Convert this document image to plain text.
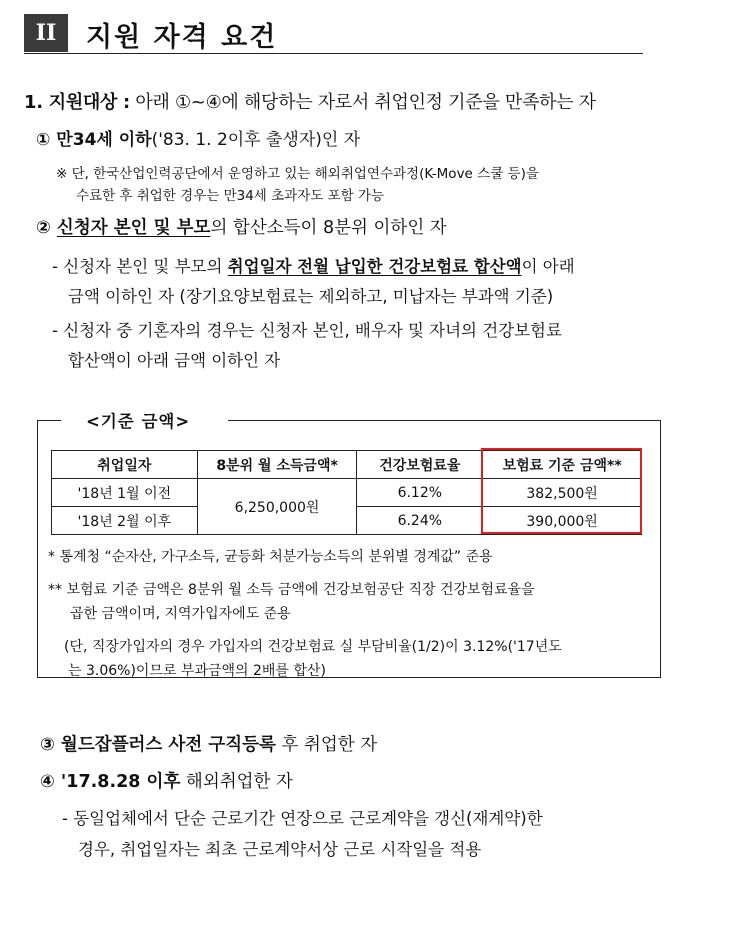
II 지원 자격 요건
1. 지원대상 : 아래 ①~④에 해당하는 자로서 취업인정 기준을 만족하는 자
① 만34세 이하('83. 1. 2이후 출생자)인 자
※ 단, 한국산업인력공단에서 운영하고 있는 해외취업연수과정(K-Move 스쿨 등)을
수료한 후 취업한 경우는 만34세 초과자도 포함 가능
② 신청자 본인 및 부모의 합산소득이 8분위 이하인 자
- 신청자 본인 및 부모의 취업일자 전월 납입한 건강보험료 합산액이 아래
금액 이하인 자 (장기요양보험료는 제외하고, 미납자는 부과액 기준)
- 신청자 중 기혼자의 경우는 신청자 본인, 배우자 및 자녀의 건강보험료
합산액이 아래 금액 이하인 자
<기준 금액>
취업일자	8분위 월 소득금액*	건강보험료율	보험료 기준 금액**
'18년 1월 이전	6,250,000원	6.12%	382,500원
'18년 2월 이후		6.24%	390,000원
* 통계청 “순자산, 가구소득, 균등화 처분가능소득의 분위별 경계값” 준용
** 보험료 기준 금액은 8분위 월 소득 금액에 건강보험공단 직장 건강보험료율을
곱한 금액이며, 지역가입자에도 준용
(단, 직장가입자의 경우 가입자의 건강보험료 실 부담비율(1/2)이 3.12%('17년도
는 3.06%)이므로 부과금액의 2배를 합산)
③ 월드잡플러스 사전 구직등록 후 취업한 자
④ '17.8.28 이후 해외취업한 자
- 동일업체에서 단순 근로기간 연장으로 근로계약을 갱신(재계약)한
경우, 취업일자는 최초 근로계약서상 근로 시작일을 적용
